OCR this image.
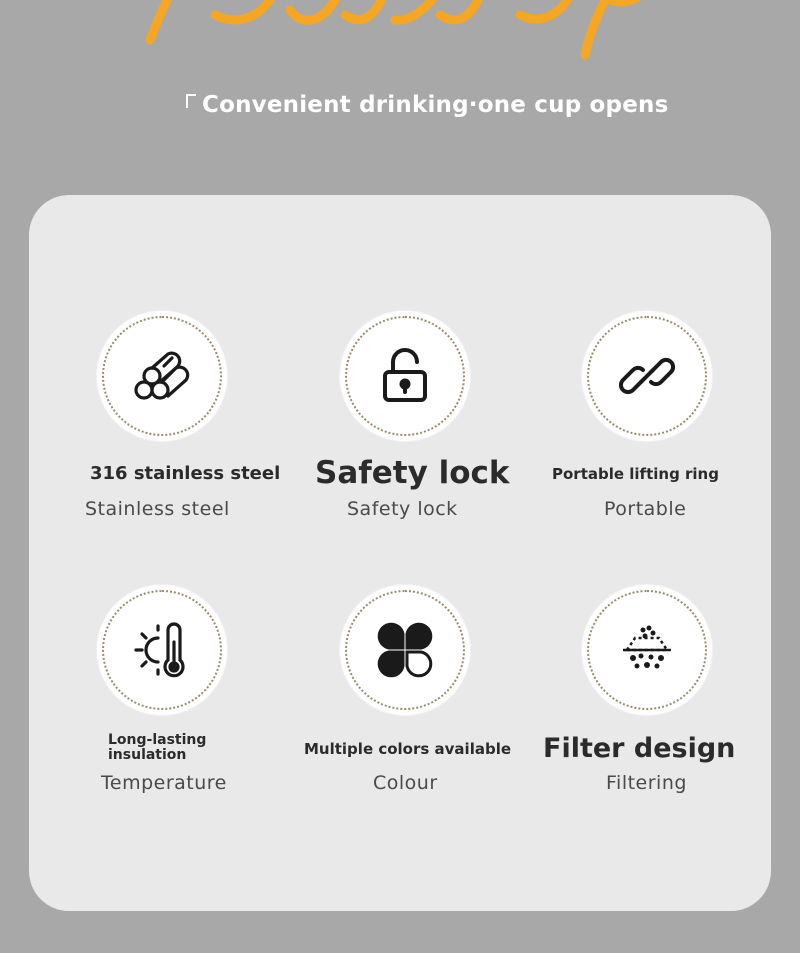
Convenient drinking·one cup opens
316 stainless steel
Stainless steel
Safety lock
Safety lock
Portable lifting ring
Portable
Long-lasting insulation
Temperature
Multiple colors available
Colour
Filter design
Filtering
